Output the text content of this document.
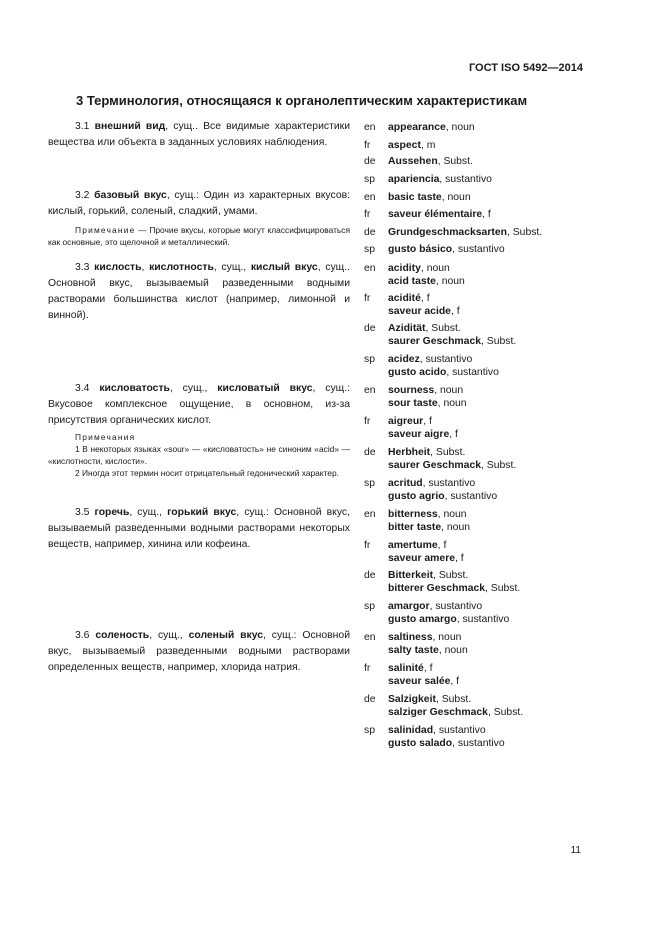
ГОСТ ISO 5492—2014
3 Терминология, относящаяся к органолептическим характеристикам
3.1 внешний вид, сущ.. Все видимые характеристики вещества или объекта в заданных условиях наблюдения.
3.2 базовый вкус, сущ.: Один из характерных вкусов: кислый, горький, соленый, сладкий, умами.
Примечание — Прочие вкусы, которые могут классифицироваться как основные, это щелочной и металлический.
3.3 кислость, кислотность, сущ., кислый вкус, сущ.. Основной вкус, вызываемый разведенными водными растворами большинства кислот (например, лимонной и винной).
3.4 кисловатость, сущ., кисловатый вкус, сущ.: Вкусовое комплексное ощущение, в основном, из-за присутствия органических кислот.
Примечания
1 В некоторых языках «sour» — «кисловатость» не синоним «acid» — «кислотности, кислости».
2 Иногда этот термин носит отрицательный гедонический характер.
3.5 горечь, сущ., горький вкус, сущ.: Основной вкус, вызываемый разведенными водными растворами некоторых веществ, например, хинина или кофеина.
3.6 соленость, сущ., соленый вкус, сущ.: Основной вкус, вызываемый разведенными водными растворами определенных веществ, например, хлорида натрия.
en appearance, noun
fr aspect, m
de Aussehen, Subst.
sp apariencia, sustantivo
en basic taste, noun
fr saveur élémentaire, f
de Grundgeschmacksarten, Subst.
sp gusto básico, sustantivo
en acidity, noun
acid taste, noun
fr acidité, f
saveur acide, f
de Azidität, Subst.
saurer Geschmack, Subst.
sp acidez, sustantivo
gusto acido, sustantivo
en sourness, noun
sour taste, noun
fr aigreur, f
saveur aigre, f
de Herbheit, Subst.
saurer Geschmack, Subst.
sp acritud, sustantivo
gusto agrio, sustantivo
en bitterness, noun
bitter taste, noun
fr amertume, f
saveur amere, f
de Bitterkeit, Subst.
bitterer Geschmack, Subst.
sp amargor, sustantivo
gusto amargo, sustantivo
en saltiness, noun
salty taste, noun
fr salinité, f
saveur salée, f
de Salzigkeit, Subst.
salziger Geschmack, Subst.
sp salinidad, sustantivo
gusto salado, sustantivo
11
